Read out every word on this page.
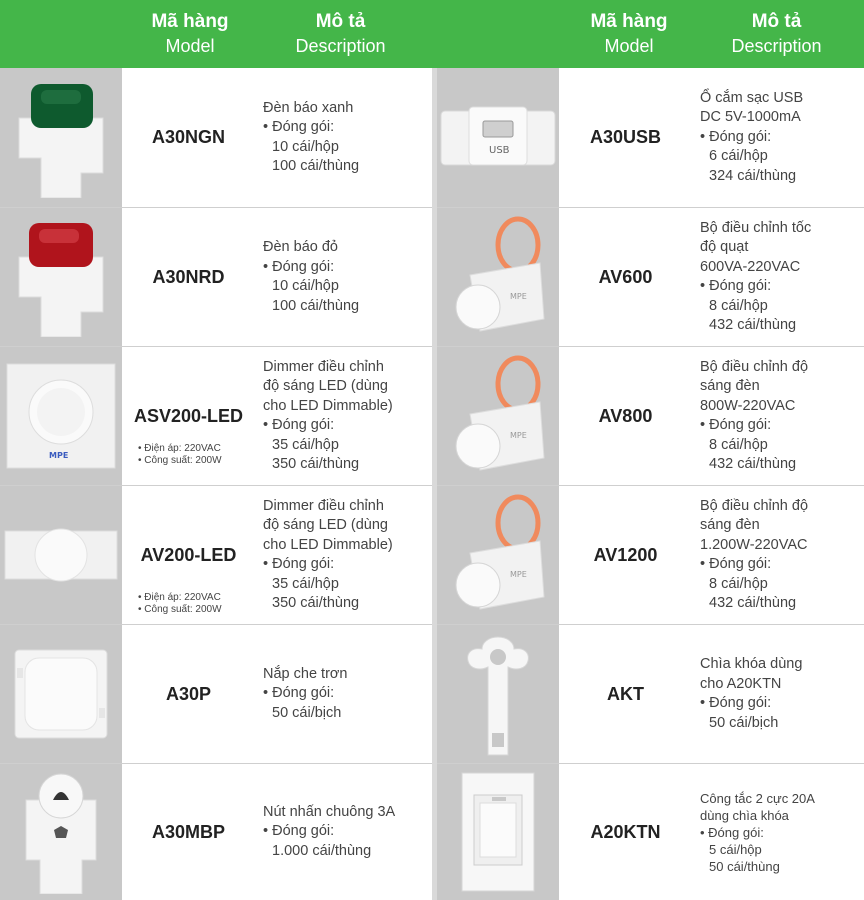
Mã hàng
Model
Mô tả
Description
Mã hàng
Model
Mô tả
Description
A30NGN
Đèn báo xanh
• Đóng gói:
10 cái/hộp
100 cái/thùng
A30NRD
Đèn báo đỏ
• Đóng gói:
10 cái/hộp
100 cái/thùng
MPE
ASV200-LED
• Điện áp: 220VAC
• Công suất: 200W
Dimmer điều chỉnh
độ sáng LED (dùng
cho LED Dimmable)
• Đóng gói:
35 cái/hộp
350 cái/thùng
AV200-LED
• Điện áp: 220VAC
• Công suất: 200W
Dimmer điều chỉnh
độ sáng LED (dùng
cho LED Dimmable)
• Đóng gói:
35 cái/hộp
350 cái/thùng
A30P
Nắp che trơn
• Đóng gói:
50 cái/bịch
A30MBP
Nút nhấn chuông 3A
• Đóng gói:
1.000 cái/thùng
USB
A30USB
Ổ cắm sạc USB
DC 5V-1000mA
• Đóng gói:
6 cái/hộp
324 cái/thùng
MPE
AV600
Bộ điều chỉnh tốc
độ quạt
600VA-220VAC
• Đóng gói:
8 cái/hộp
432 cái/thùng
MPE
AV800
Bộ điều chỉnh độ
sáng đèn
800W-220VAC
• Đóng gói:
8 cái/hộp
432 cái/thùng
MPE
AV1200
Bộ điều chỉnh độ
sáng đèn
1.200W-220VAC
• Đóng gói:
8 cái/hộp
432 cái/thùng
AKT
Chìa khóa dùng
cho A20KTN
• Đóng gói:
50 cái/bịch
A20KTN
Công tắc 2 cực 20A
dùng chìa khóa
• Đóng gói:
5 cái/hộp
50 cái/thùng
